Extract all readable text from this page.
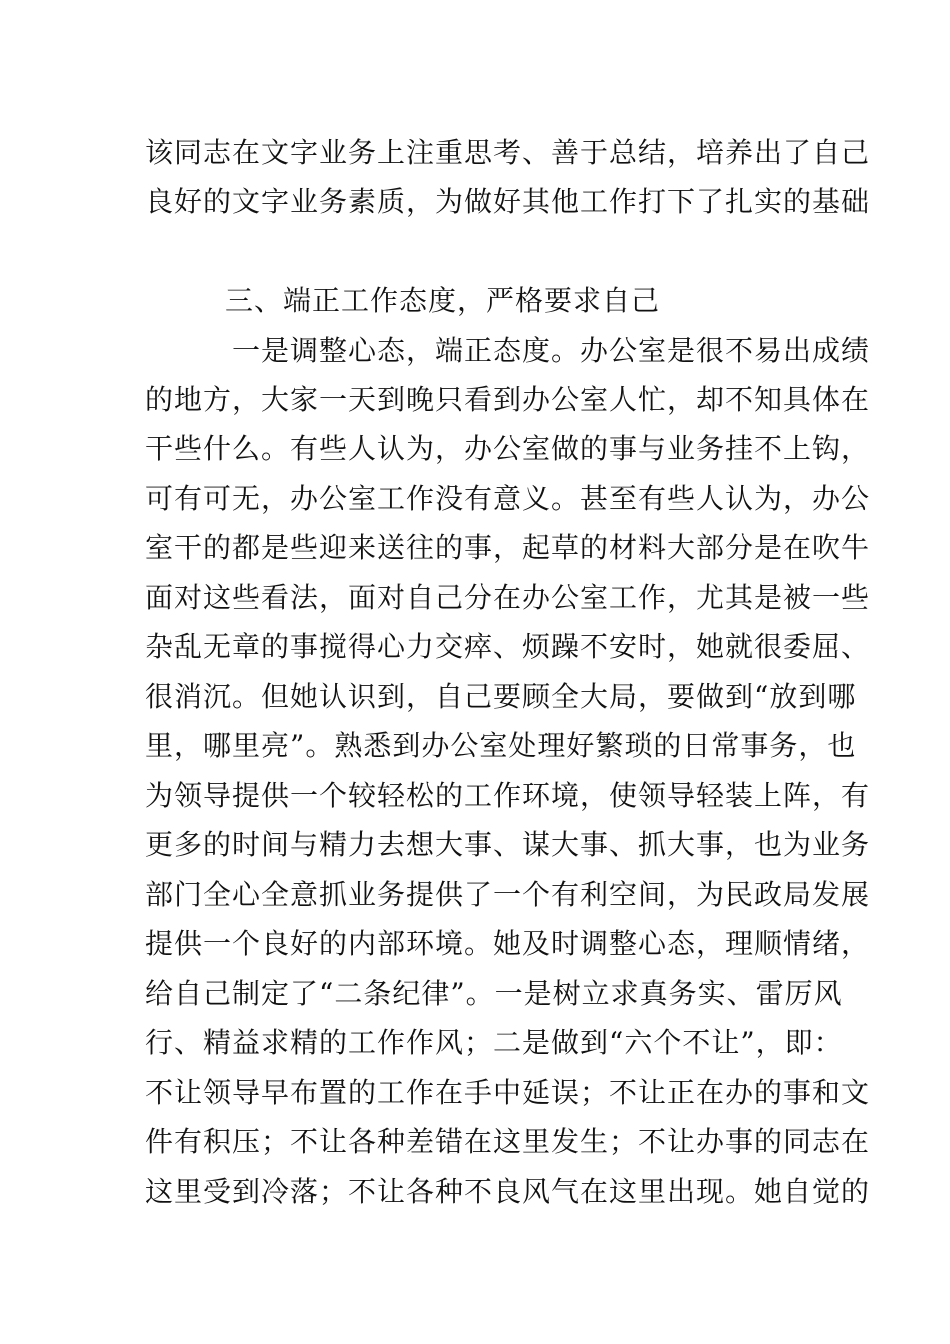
该同志在文字业务上注重思考、善于总结，培养出了自己
良好的文字业务素质，为做好其他工作打下了扎实的基础
三、端正工作态度，严格要求自己
一是调整心态，端正态度。办公室是很不易出成绩
的地方，大家一天到晚只看到办公室人忙，却不知具体在
干些什么。有些人认为，办公室做的事与业务挂不上钩，
可有可无，办公室工作没有意义。甚至有些人认为，办公
室干的都是些迎来送往的事，起草的材料大部分是在吹牛
面对这些看法，面对自己分在办公室工作，尤其是被一些
杂乱无章的事搅得心力交瘁、烦躁不安时，她就很委屈、
很消沉。但她认识到，自己要顾全大局，要做到“放到哪
里，哪里亮”。熟悉到办公室处理好繁琐的日常事务，也
为领导提供一个较轻松的工作环境，使领导轻装上阵，有
更多的时间与精力去想大事、谋大事、抓大事，也为业务
部门全心全意抓业务提供了一个有利空间，为民政局发展
提供一个良好的内部环境。她及时调整心态，理顺情绪，
给自己制定了“二条纪律”。一是树立求真务实、雷厉风
行、精益求精的工作作风；二是做到“六个不让”，即：
不让领导早布置的工作在手中延误；不让正在办的事和文
件有积压；不让各种差错在这里发生；不让办事的同志在
这里受到冷落；不让各种不良风气在这里出现。她自觉的
